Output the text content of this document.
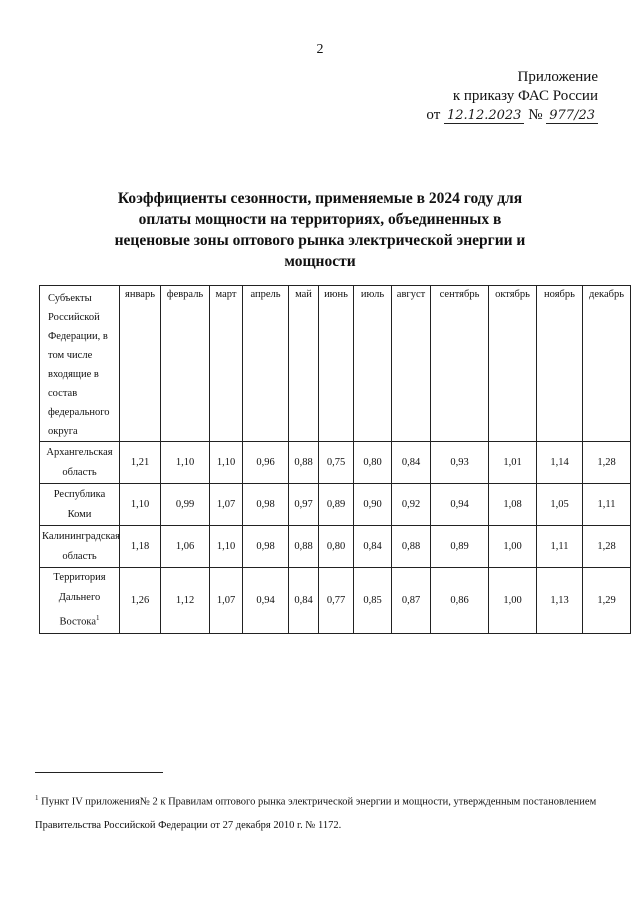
2
Приложение
к приказу ФАС России
от 12.12.2023 № 977/23
Коэффициенты сезонности, применяемые в 2024 году для оплаты мощности на территориях, объединенных в неценовые зоны оптового рынка электрической энергии и мощности
Субъекты Российской Федерации, в том числе входящие в состав федерального округа	январь	февраль	март	апрель	май	июнь	июль	август	сентябрь	октябрь	ноябрь	декабрь
Архангельская область	1,21	1,10	1,10	0,96	0,88	0,75	0,80	0,84	0,93	1,01	1,14	1,28
Республика Коми	1,10	0,99	1,07	0,98	0,97	0,89	0,90	0,92	0,94	1,08	1,05	1,11
Калининградская область	1,18	1,06	1,10	0,98	0,88	0,80	0,84	0,88	0,89	1,00	1,11	1,28
Территория Дальнего Востока$^1$	1,26	1,12	1,07	0,94	0,84	0,77	0,85	0,87	0,86	1,00	1,13	1,29
$^1$ Пункт IV приложения№ 2 к Правилам оптового рынка электрической энергии и мощности, утвержденным постановлением Правительства Российской Федерации от 27 декабря 2010 г. № 1172.
